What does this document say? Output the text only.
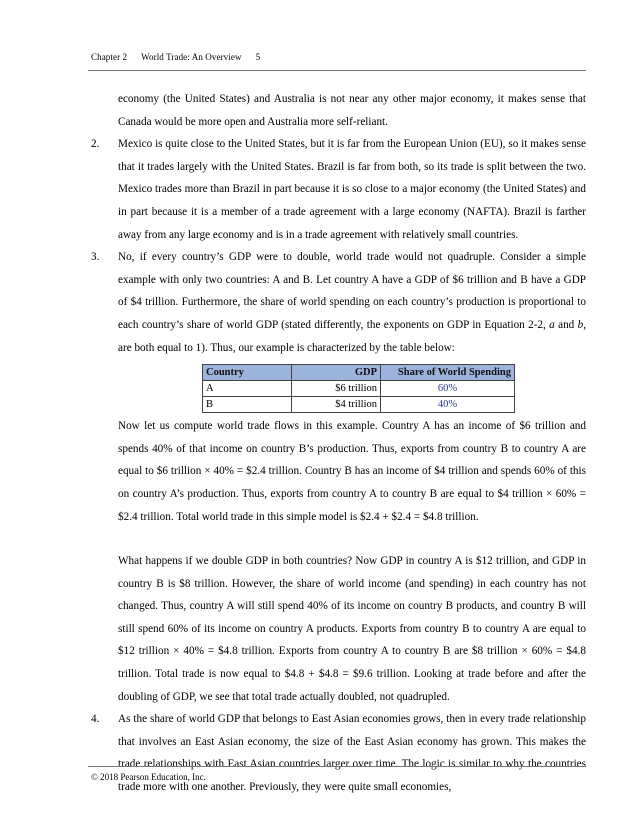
Chapter 2 World Trade: An Overview 5

economy (the United States) and Australia is not near any other major economy, it makes sense that Canada would be more open and Australia more self-reliant.

2. Mexico is quite close to the United States, but it is far from the European Union (EU), so it makes sense that it trades largely with the United States. Brazil is far from both, so its trade is split between the two. Mexico trades more than Brazil in part because it is so close to a major economy (the United States) and in part because it is a member of a trade agreement with a large economy (NAFTA). Brazil is farther away from any large economy and is in a trade agreement with relatively small countries.

3. No, if every country’s GDP were to double, world trade would not quadruple. Consider a simple example with only two countries: A and B. Let country A have a GDP of $6 trillion and B have a GDP of $4 trillion. Furthermore, the share of world spending on each country’s production is proportional to each country’s share of world GDP (stated differently, the exponents on GDP in Equation 2-2, a and b, are both equal to 1). Thus, our example is characterized by the table below:

Country	GDP	Share of World Spending
A	$6 trillion	60%
B	$4 trillion	40%

Now let us compute world trade flows in this example. Country A has an income of $6 trillion and spends 40% of that income on country B’s production. Thus, exports from country B to country A are equal to $6 trillion × 40% = $2.4 trillion. Country B has an income of $4 trillion and spends 60% of this on country A’s production. Thus, exports from country A to country B are equal to $4 trillion × 60% = $2.4 trillion. Total world trade in this simple model is $2.4 + $2.4 = $4.8 trillion.

What happens if we double GDP in both countries? Now GDP in country A is $12 trillion, and GDP in country B is $8 trillion. However, the share of world income (and spending) in each country has not changed. Thus, country A will still spend 40% of its income on country B products, and country B will still spend 60% of its income on country A products. Exports from country B to country A are equal to $12 trillion × 40% = $4.8 trillion. Exports from country A to country B are $8 trillion × 60% = $4.8 trillion. Total trade is now equal to $4.8 + $4.8 = $9.6 trillion. Looking at trade before and after the doubling of GDP, we see that total trade actually doubled, not quadrupled.

4. As the share of world GDP that belongs to East Asian economies grows, then in every trade relationship that involves an East Asian economy, the size of the East Asian economy has grown. This makes the trade relationships with East Asian countries larger over time. The logic is similar to why the countries trade more with one another. Previously, they were quite small economies,

© 2018 Pearson Education, Inc.
